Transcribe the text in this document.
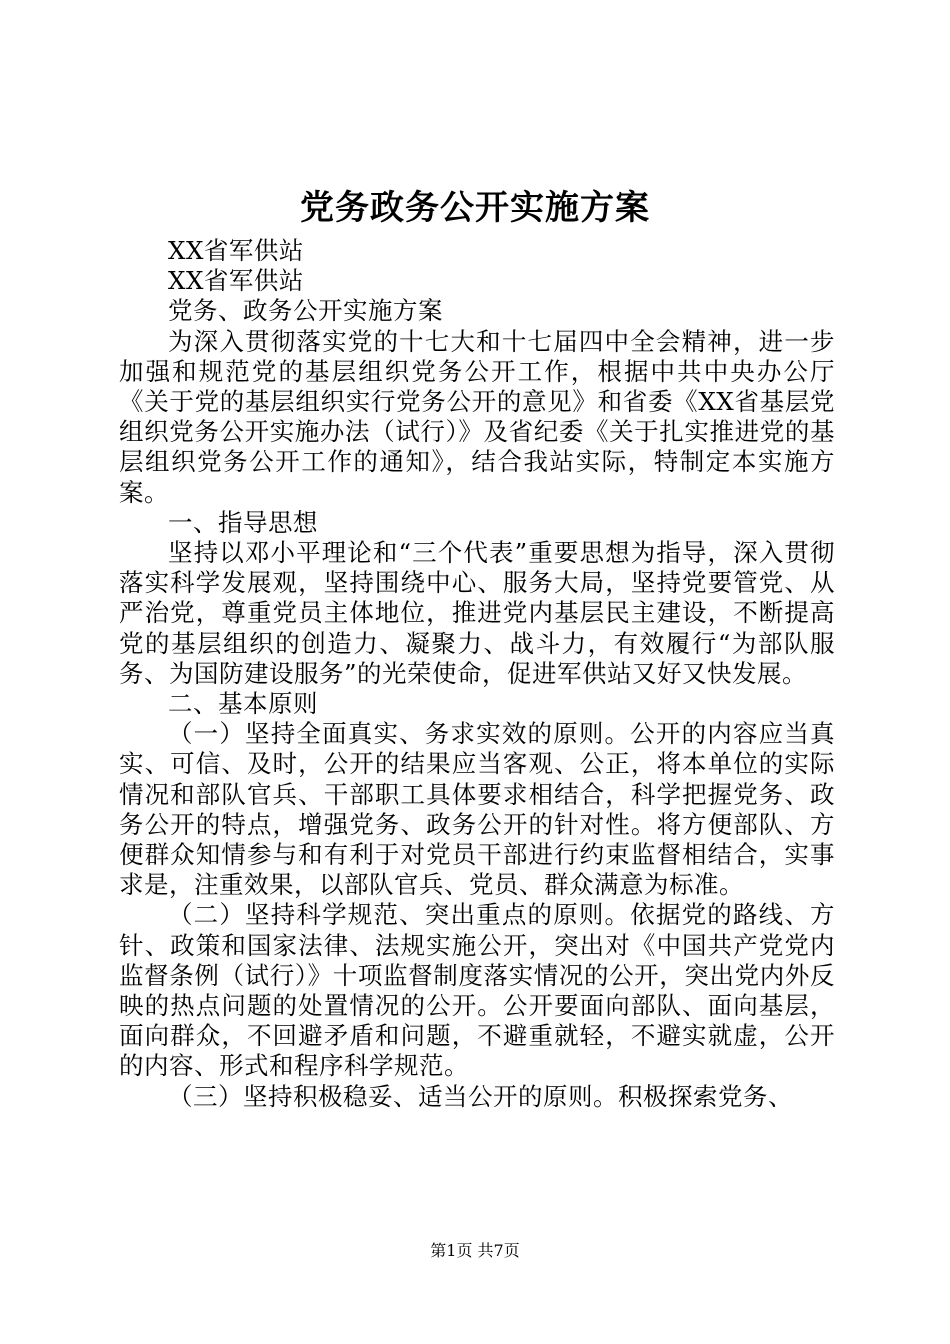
党务政务公开实施方案

XX省军供站

XX省军供站

党务、政务公开实施方案

为深入贯彻落实党的十七大和十七届四中全会精神，进一步加强和规范党的基层组织党务公开工作，根据中共中央办公厅《关于党的基层组织实行党务公开的意见》和省委《XX省基层党组织党务公开实施办法（试行）》及省纪委《关于扎实推进党的基层组织党务公开工作的通知》，结合我站实际，特制定本实施方案。

一、指导思想

坚持以邓小平理论和“三个代表”重要思想为指导，深入贯彻落实科学发展观，坚持围绕中心、服务大局，坚持党要管党、从严治党，尊重党员主体地位，推进党内基层民主建设，不断提高党的基层组织的创造力、凝聚力、战斗力，有效履行“为部队服务、为国防建设服务”的光荣使命，促进军供站又好又快发展。

二、基本原则

（一）坚持全面真实、务求实效的原则。公开的内容应当真实、可信、及时，公开的结果应当客观、公正，将本单位的实际情况和部队官兵、干部职工具体要求相结合，科学把握党务、政务公开的特点，增强党务、政务公开的针对性。将方便部队、方便群众知情参与和有利于对党员干部进行约束监督相结合，实事求是，注重效果，以部队官兵、党员、群众满意为标准。

（二）坚持科学规范、突出重点的原则。依据党的路线、方针、政策和国家法律、法规实施公开，突出对《中国共产党党内监督条例（试行）》十项监督制度落实情况的公开，突出党内外反映的热点问题的处置情况的公开。公开要面向部队、面向基层，面向群众，不回避矛盾和问题，不避重就轻，不避实就虚，公开的内容、形式和程序科学规范。

（三）坚持积极稳妥、适当公开的原则。积极探索党务、

第1页 共7页
